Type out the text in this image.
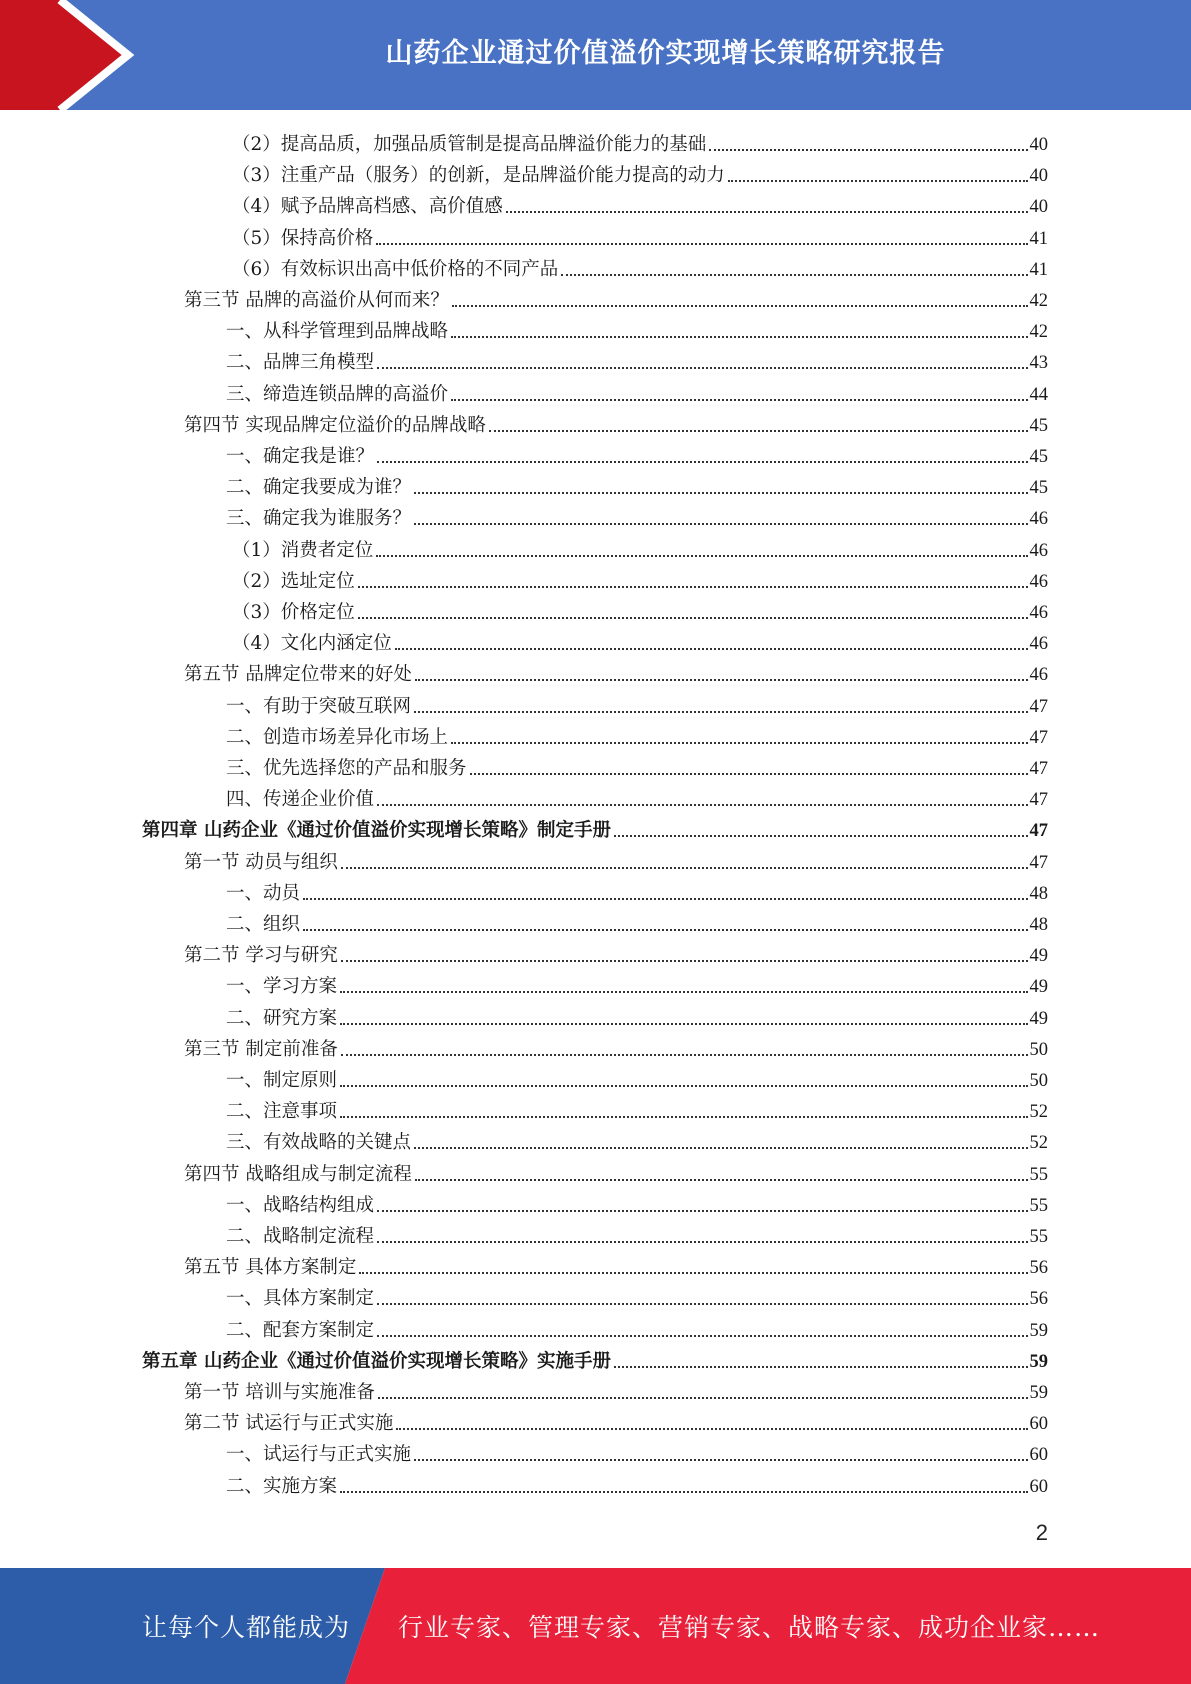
山药企业通过价值溢价实现增长策略研究报告
（2）提高品质，加强品质管制是提高品牌溢价能力的基础	40
（3）注重产品（服务）的创新，是品牌溢价能力提高的动力	40
（4）赋予品牌高档感、高价值感	40
（5）保持高价格	41
（6）有效标识出高中低价格的不同产品	41
第三节 品牌的高溢价从何而来？	42
一、从科学管理到品牌战略	42
二、品牌三角模型	43
三、缔造连锁品牌的高溢价	44
第四节 实现品牌定位溢价的品牌战略	45
一、确定我是谁？	45
二、确定我要成为谁？	45
三、确定我为谁服务？	46
（1）消费者定位	46
（2）选址定位	46
（3）价格定位	46
（4）文化内涵定位	46
第五节 品牌定位带来的好处	46
一、有助于突破互联网	47
二、创造市场差异化市场上	47
三、优先选择您的产品和服务	47
四、传递企业价值	47
第四章 山药企业《通过价值溢价实现增长策略》制定手册	47
第一节 动员与组织	47
一、动员	48
二、组织	48
第二节 学习与研究	49
一、学习方案	49
二、研究方案	49
第三节 制定前准备	50
一、制定原则	50
二、注意事项	52
三、有效战略的关键点	52
第四节 战略组成与制定流程	55
一、战略结构组成	55
二、战略制定流程	55
第五节 具体方案制定	56
一、具体方案制定	56
二、配套方案制定	59
第五章 山药企业《通过价值溢价实现增长策略》实施手册	59
第一节 培训与实施准备	59
第二节 试运行与正式实施	60
一、试运行与正式实施	60
二、实施方案	60
2
让每个人都能成为 行业专家、管理专家、营销专家、战略专家、成功企业家……
